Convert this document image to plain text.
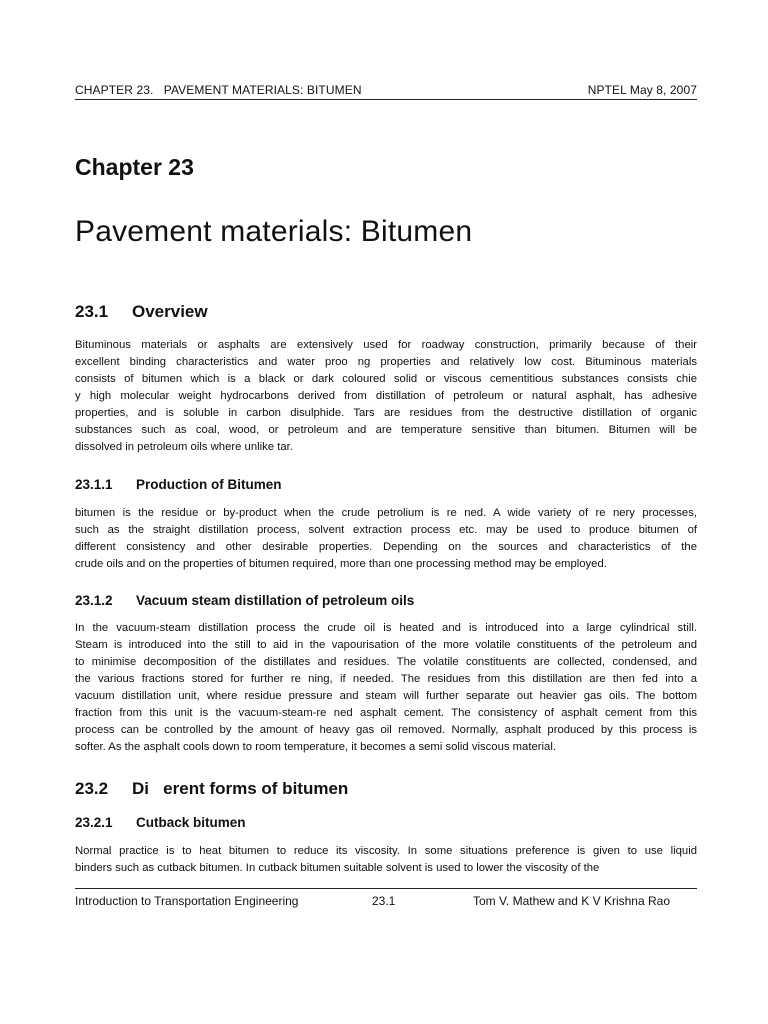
CHAPTER 23.   PAVEMENT MATERIALS: BITUMEN	NPTEL May 8, 2007
Chapter 23
Pavement materials: Bitumen
23.1 Overview

Bituminous materials or asphalts are extensively used for roadway construction, primarily because of their
excellent binding characteristics and water proo ng properties and relatively low cost. Bituminous materials
consists of bitumen which is a black or dark coloured solid or viscous cementitious substances consists chie
y high molecular weight hydrocarbons derived from distillation of petroleum or natural asphalt, has adhesive
properties, and is soluble in carbon disulphide. Tars are residues from the destructive distillation of organic
substances such as coal, wood, or petroleum and are temperature sensitive than bitumen. Bitumen will be
dissolved in petroleum oils where unlike tar.

23.1.1 Production of Bitumen

bitumen is the residue or by-product when the crude petrolium is re ned. A wide variety of re nery processes,
such as the straight distillation process, solvent extraction process etc. may be used to produce bitumen of
different consistency and other desirable properties. Depending on the sources and characteristics of the
crude oils and on the properties of bitumen required, more than one processing method may be employed.

23.1.2 Vacuum steam distillation of petroleum oils

In the vacuum-steam distillation process the crude oil is heated and is introduced into a large cylindrical still.
Steam is introduced into the still to aid in the vapourisation of the more volatile constituents of the petroleum and
to minimise decomposition of the distillates and residues. The volatile constituents are collected, condensed, and
the various fractions stored for further re ning, if needed. The residues from this distillation are then fed into a
vacuum distillation unit, where residue pressure and steam will further separate out heavier gas oils. The bottom
fraction from this unit is the vacuum-steam-re ned asphalt cement. The consistency of asphalt cement from this
process can be controlled by the amount of heavy gas oil removed. Normally, asphalt produced by this process is
softer. As the asphalt cools down to room temperature, it becomes a semi solid viscous material.

23.2 Di   erent forms of bitumen
23.2.1 Cutback bitumen

Normal practice is to heat bitumen to reduce its viscosity. In some situations preference is given to use liquid
binders such as cutback bitumen. In cutback bitumen suitable solvent is used to lower the viscosity of the

Introduction to Transportation Engineering	23.1	Tom V. Mathew and K V Krishna Rao
